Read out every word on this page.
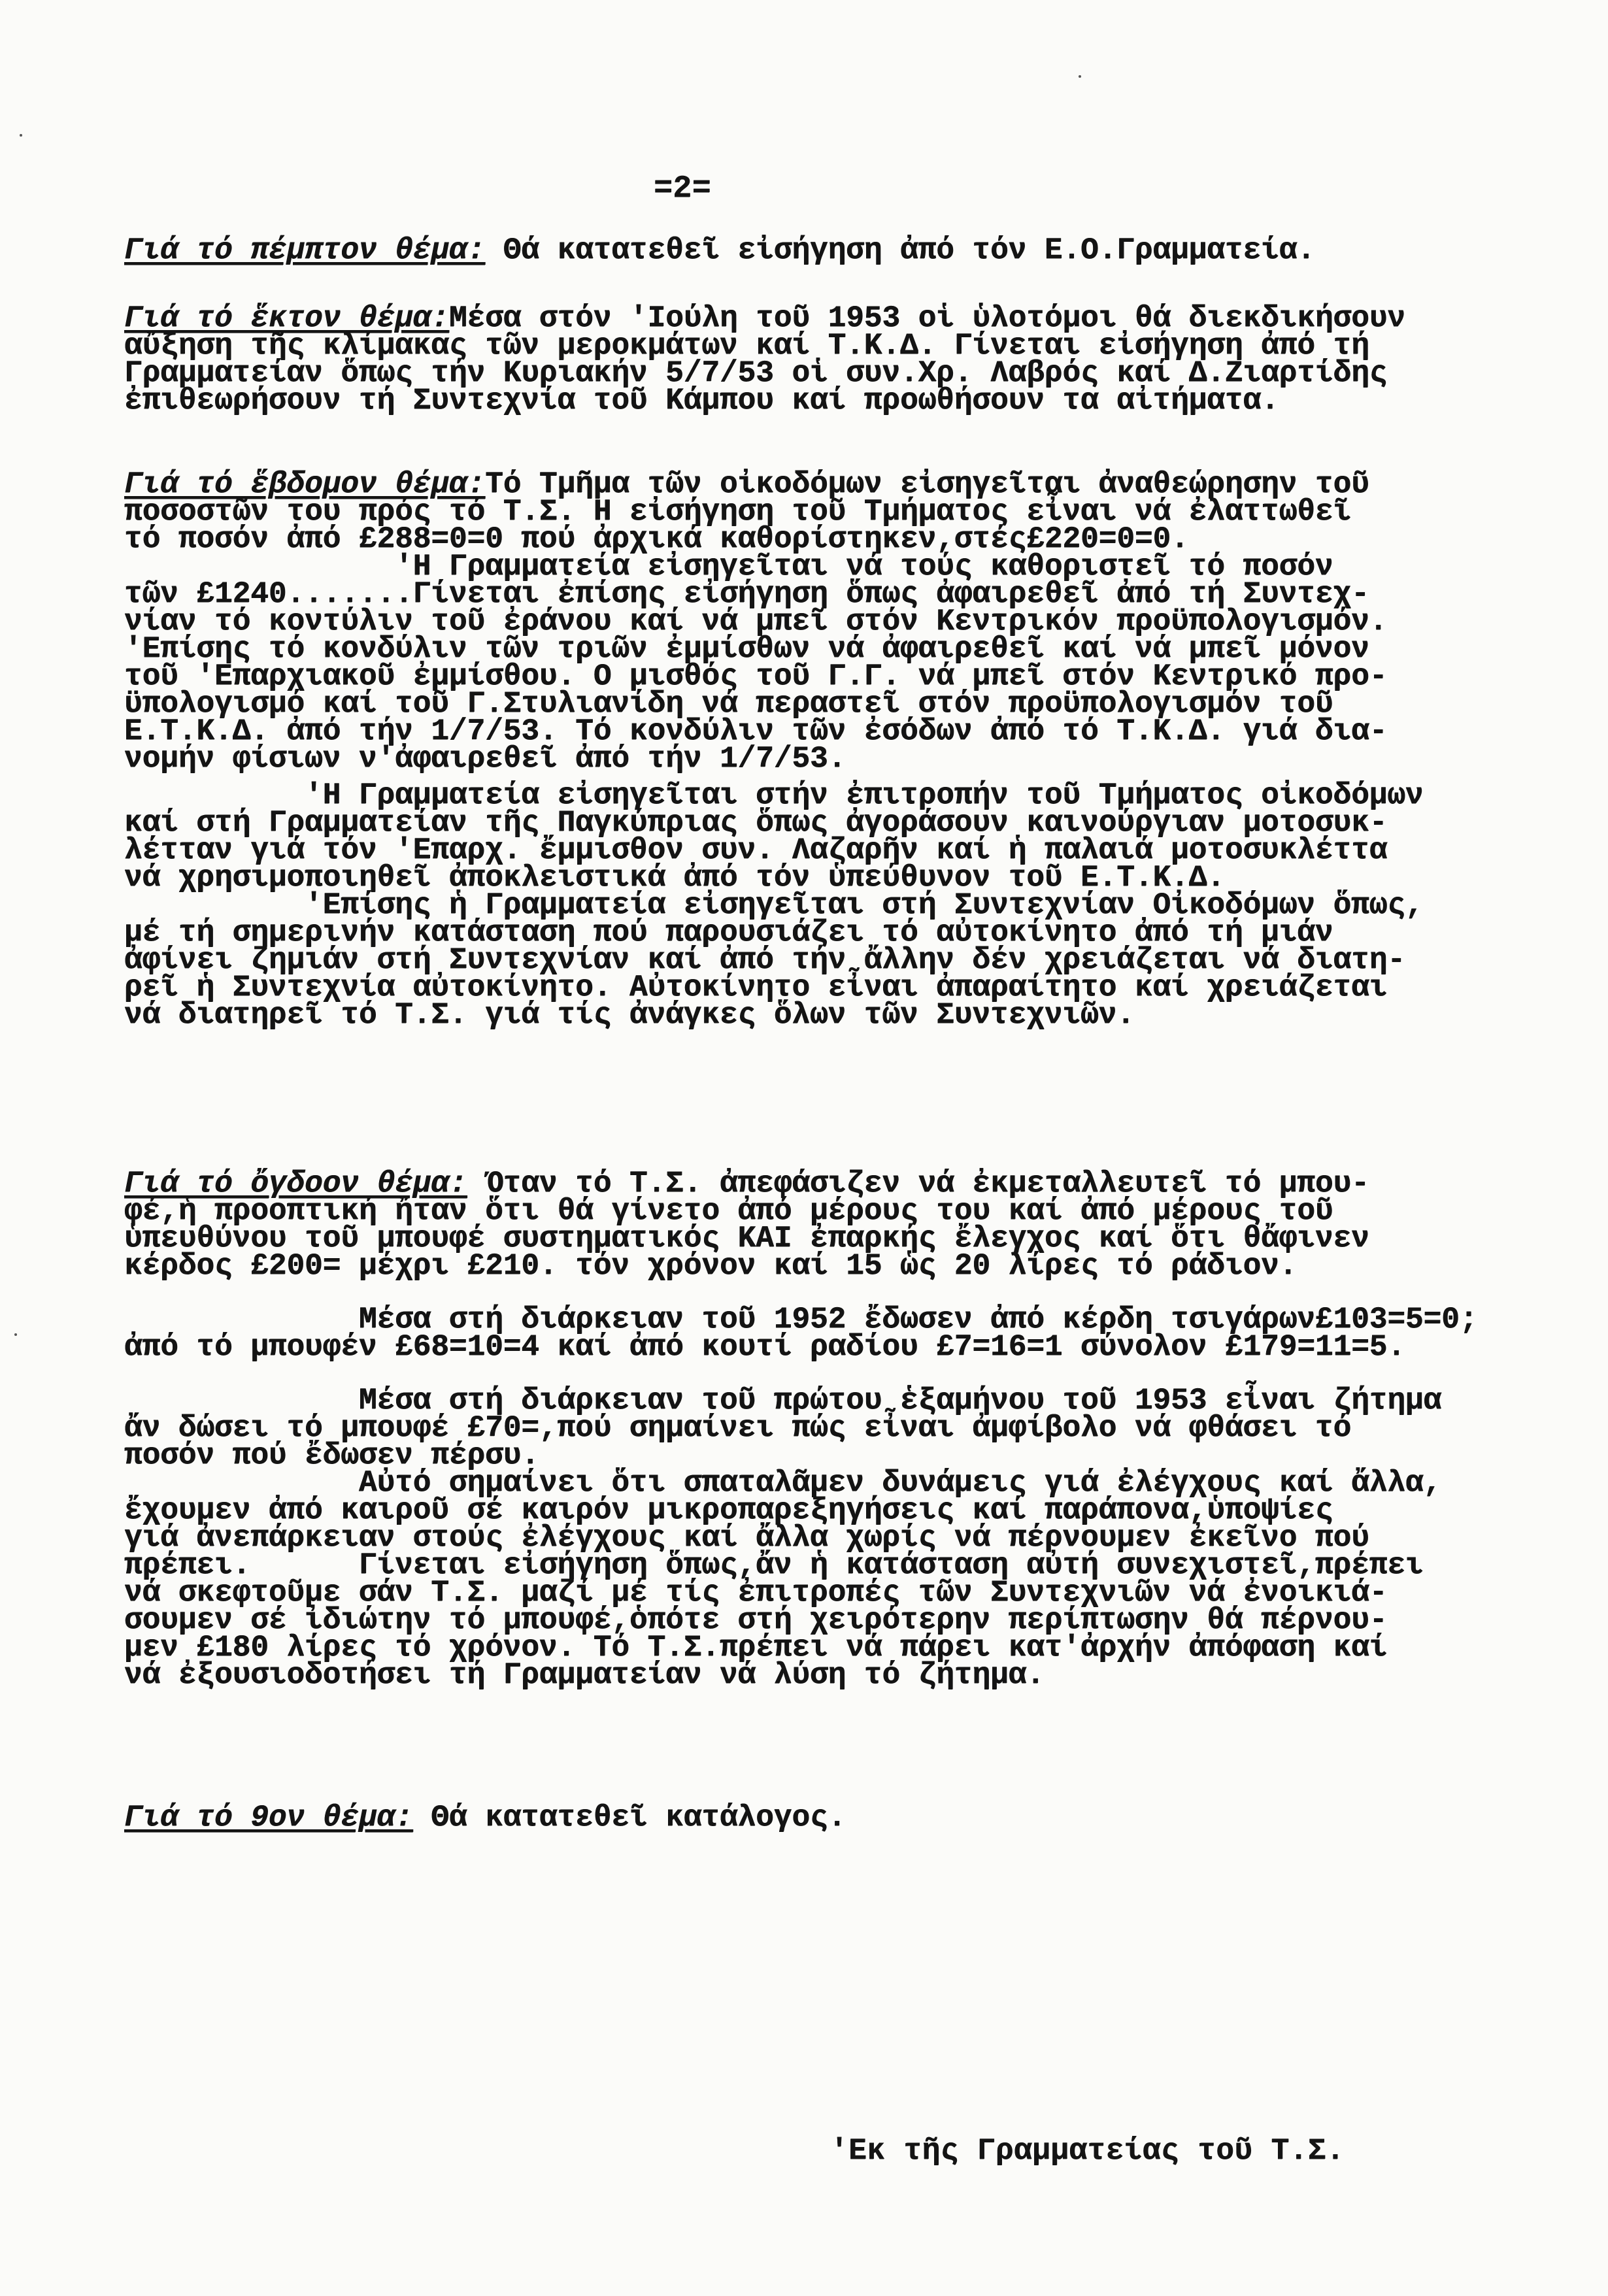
=2=
Γιά τό πέμπτον θέμα: Θά κατατεθεῖ εἰσήγηση ἀπό τόν Ε.Ο.Γραμματεία.
Γιά τό ἕκτον θέμα:Μέσα στόν 'Ιούλη τοῦ 1953 οἱ ὑλοτόμοι θά διεκδικήσουν
αὔξηση τῆς κλίμακας τῶν μεροκμάτων καί Τ.Κ.Δ. Γίνεται εἰσήγηση ἀπό τή
Γραμματείαν ὅπως τήν Κυριακήν 5/7/53 οἱ συν.Χρ. Λαβρός καί Δ.Ζιαρτίδης
ἐπιθεωρήσουν τή Συντεχνία τοῦ Κάμπου καί προωθήσουν τα αἰτήματα.
Γιά τό ἕβδομον θέμα:Τό Τμῆμα τῶν οἰκοδόμων εἰσηγεῖται ἀναθεώρησην τοῦ
ποσοστῶν του πρός τό Τ.Σ. Η εἰσήγηση τοῦ Τμήματος εἶναι νά ἐλαττωθεῖ
τό ποσόν ἀπό £288=0=0 πού ἀρχικά καθορίστηκεν,στές£220=0=0.
'Η Γραμματεία εἰσηγεῖται νά τούς καθοριστεῖ τό ποσόν
τῶν £1240.......Γίνεται ἐπίσης εἰσήγηση ὅπως ἀφαιρεθεῖ ἀπό τή Συντεχ-
νίαν τό κοντύλιν τοῦ ἐράνου καί νά μπεῖ στόν Κεντρικόν προϋπολογισμόν.
'Επίσης τό κονδύλιν τῶν τριῶν ἐμμίσθων νά ἀφαιρεθεῖ καί νά μπεῖ μόνον
τοῦ 'Επαρχιακοῦ ἐμμίσθου. Ο μισθός τοῦ Γ.Γ. νά μπεῖ στόν Κεντρικό προ-
ϋπολογισμό καί τοῦ Γ.Στυλιανίδη νά περαστεῖ στόν προϋπολογισμόν τοῦ
Ε.Τ.Κ.Δ. ἀπό τήν 1/7/53. Τό κονδύλιν τῶν ἐσόδων ἀπό τό Τ.Κ.Δ. γιά δια-
νομήν φίσιων ν'ἀφαιρεθεῖ ἀπό τήν 1/7/53.
'Η Γραμματεία εἰσηγεῖται στήν ἐπιτροπήν τοῦ Τμήματος οἰκοδόμων
καί στή Γραμματείαν τῆς Παγκύπριας ὅπως ἀγοράσουν καινούργιαν μοτοσυκ-
λέτταν γιά τόν 'Επαρχ. ἔμμισθον συν. Λαζαρῆν καί ἡ παλαιά μοτοσυκλέττα
νά χρησιμοποιηθεῖ ἀποκλειστικά ἀπό τόν ὑπεύθυνον τοῦ Ε.Τ.Κ.Δ.
'Επίσης ἡ Γραμματεία εἰσηγεῖται στή Συντεχνίαν Οἰκοδόμων ὅπως,
μέ τή σημερινήν κατάσταση πού παρουσιάζει τό αὐτοκίνητο ἀπό τή μιάν
ἀφίνει ζημιάν στή Συντεχνίαν καί ἀπό τήν ἄλλην δέν χρειάζεται νά διατη-
ρεῖ ἡ Συντεχνία αὐτοκίνητο. Αὐτοκίνητο εἶναι ἀπαραίτητο καί χρειάζεται
νά διατηρεῖ τό Τ.Σ. γιά τίς ἀνάγκες ὅλων τῶν Συντεχνιῶν.
Γιά τό ὄγδοον θέμα: Όταν τό Τ.Σ. ἀπεφάσιζεν νά ἐκμεταλλευτεῖ τό μπου-
φέ,ἡ προοπτική ἤταν ὅτι θά γίνετο ἀπό μέρους του καί ἀπό μέρους τοῦ
ὑπευθύνου τοῦ μπουφέ συστηματικός ΚΑΙ ἐπαρκής ἔλεγχος καί ὅτι θἄφινεν
κέρδος £200= μέχρι £210. τόν χρόνον καί 15 ὡς 20 λίρες τό ράδιον.
Μέσα στή διάρκειαν τοῦ 1952 ἔδωσεν ἀπό κέρδη τσιγάρων£103=5=0;
ἀπό τό μπουφέν £68=10=4 καί ἀπό κουτί ραδίου £7=16=1 σύνολον £179=11=5.
Μέσα στή διάρκειαν τοῦ πρώτου ἑξαμήνου τοῦ 1953 εἶναι ζήτημα
ἄν δώσει τό μπουφέ £70=,πού σημαίνει πώς εἶναι ἀμφίβολο νά φθάσει τό
ποσόν πού ἔδωσεν πέρσυ.
Αὐτό σημαίνει ὅτι σπαταλᾶμεν δυνάμεις γιά ἐλέγχους καί ἄλλα,
ἔχουμεν ἀπό καιροῦ σέ καιρόν μικροπαρεξηγήσεις καί παράπονα,ὑποψίες
γιά ἀνεπάρκειαν στούς ἐλέγχους καί ἄλλα χωρίς νά πέρνουμεν ἐκεῖνο πού
πρέπει.      Γίνεται εἰσήγηση ὅπως,ἄν ἡ κατάσταση αὐτή συνεχιστεῖ,πρέπει
νά σκεφτοῦμε σάν Τ.Σ. μαζί μέ τίς ἐπιτροπές τῶν Συντεχνιῶν νά ἐνοικιά-
σουμεν σέ ἰδιώτην τό μπουφέ,ὁπότε στή χειρότερην περίπτωσην θά πέρνου-
μεν £180 λίρες τό χρόνον. Τό Τ.Σ.πρέπει νά πάρει κατ'ἀρχήν ἀπόφαση καί
νά ἐξουσιοδοτήσει τή Γραμματείαν νά λύση τό ζήτημα.
Γιά τό 9ον θέμα: Θά κατατεθεῖ κατάλογος.
'Εκ τῆς Γραμματείας τοῦ Τ.Σ.
